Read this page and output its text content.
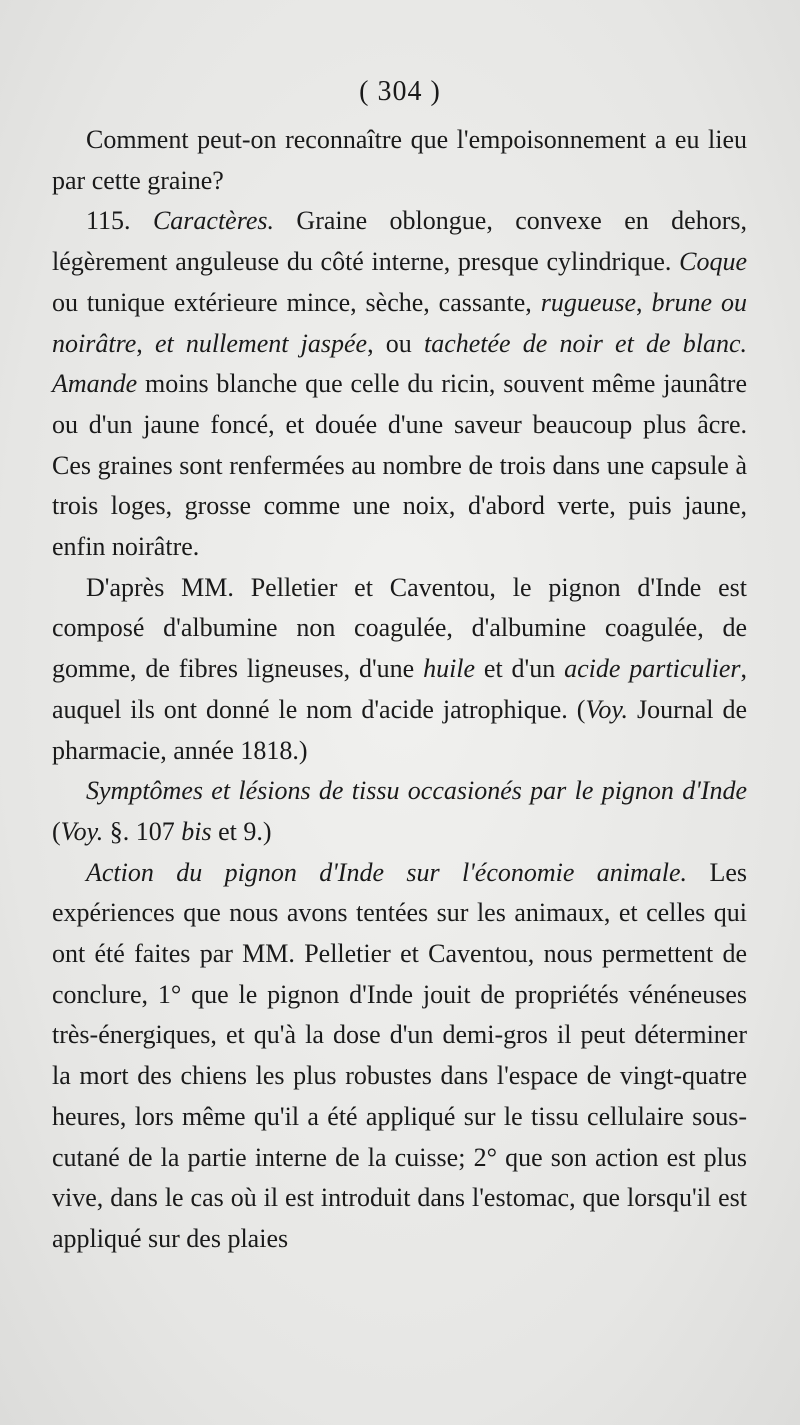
( 304 )

Comment peut-on reconnaître que l'empoisonnement a eu lieu par cette graine?

115. Caractères. Graine oblongue, convexe en dehors, légèrement anguleuse du côté interne, presque cylindrique. Coque ou tunique extérieure mince, sèche, cassante, rugueuse, brune ou noirâtre, et nullement jaspée, ou tachetée de noir et de blanc. Amande moins blanche que celle du ricin, souvent même jaunâtre ou d'un jaune foncé, et douée d'une saveur beaucoup plus âcre. Ces graines sont renfermées au nombre de trois dans une capsule à trois loges, grosse comme une noix, d'abord verte, puis jaune, enfin noirâtre.

D'après MM. Pelletier et Caventou, le pignon d'Inde est composé d'albumine non coagulée, d'albumine coagulée, de gomme, de fibres ligneuses, d'une huile et d'un acide particulier, auquel ils ont donné le nom d'acide jatrophique. (Voy. Journal de pharmacie, année 1818.)

Symptômes et lésions de tissu occasionés par le pignon d'Inde (Voy. §. 107 bis et 9.)

Action du pignon d'Inde sur l'économie animale. Les expériences que nous avons tentées sur les animaux, et celles qui ont été faites par MM. Pelletier et Caventou, nous permettent de conclure, 1° que le pignon d'Inde jouit de propriétés vénéneuses très-énergiques, et qu'à la dose d'un demi-gros il peut déterminer la mort des chiens les plus robustes dans l'espace de vingt-quatre heures, lors même qu'il a été appliqué sur le tissu cellulaire sous-cutané de la partie interne de la cuisse; 2° que son action est plus vive, dans le cas où il est introduit dans l'estomac, que lorsqu'il est appliqué sur des plaies
